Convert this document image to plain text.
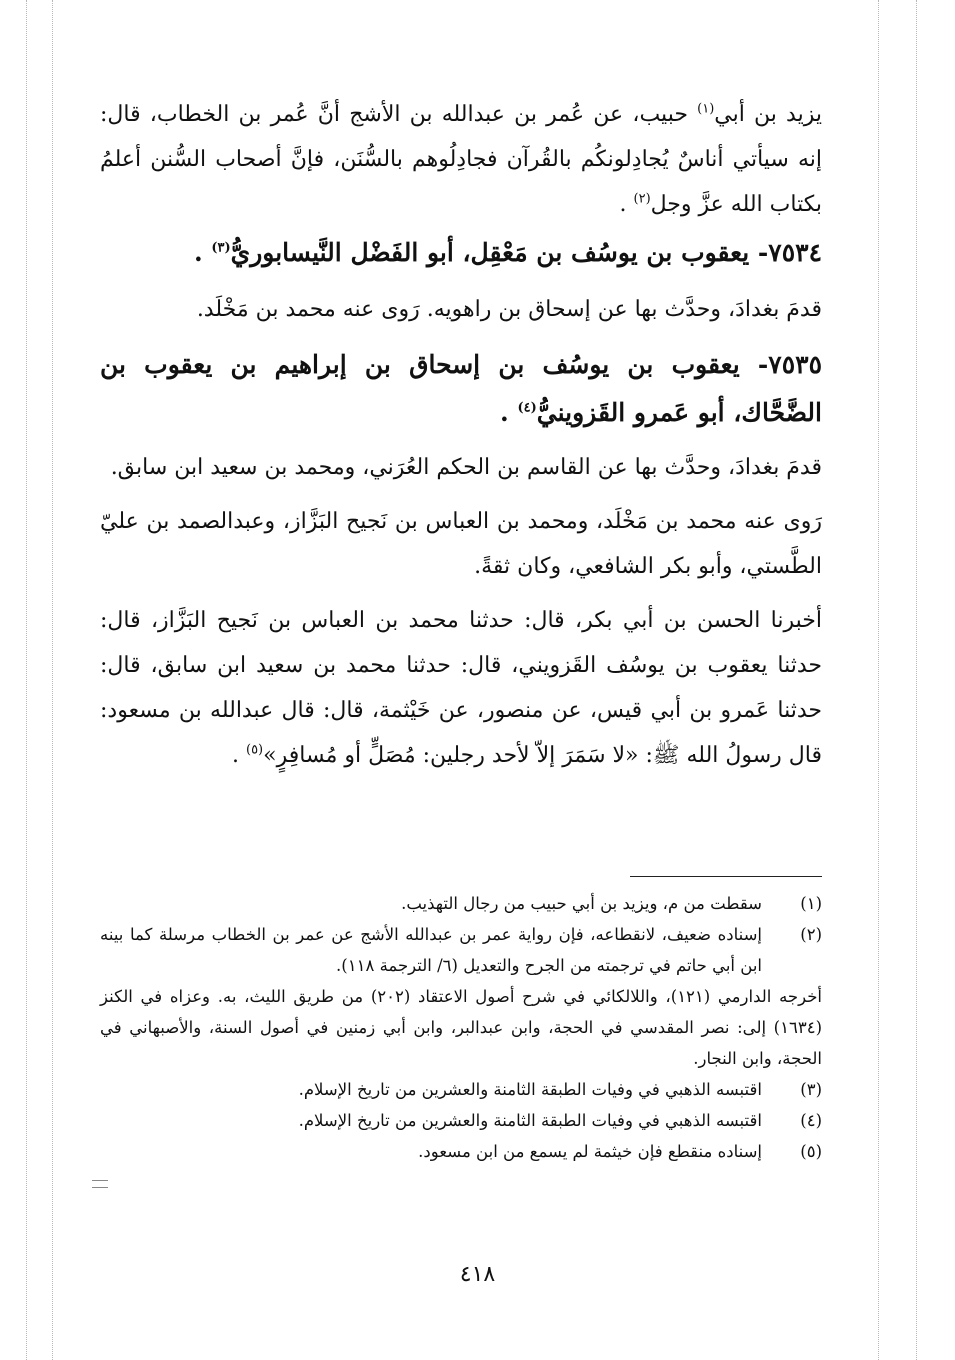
يزيد بن أبي$^{(١)}$ حبيب، عن عُمر بن عبدالله بن الأشج أنَّ عُمر بن الخطاب، قال: إنه سيأتي أناسٌ يُجادِلونكُم بالقُرآن فجادِلُوهم بالسُّنَن، فإنَّ أصحاب السُّنن أعلمُ بكتاب الله عزَّ وجل$^{(٢)}$ .

٧٥٣٤- يعقوب بن يوسُف بن مَعْقِل، أبو الفَضْل النَّيسابوريُّ$^{(٣)}$ .

قدمَ بغدادَ، وحدَّث بها عن إسحاق بن راهويه. رَوى عنه محمد بن مَخْلَد.

٧٥٣٥- يعقوب بن يوسُف بن إسحاق بن إبراهيم بن يعقوب بن الضَّحَّاك، أبو عَمرو القَزوينيُّ$^{(٤)}$ .

قدمَ بغدادَ، وحدَّث بها عن القاسم بن الحكم العُرَني، ومحمد بن سعيد ابن سابق.

رَوى عنه محمد بن مَخْلَد، ومحمد بن العباس بن نَجيح البَزَّاز، وعبدالصمد بن عليّ الطَّستي، وأبو بكر الشافعي، وكان ثقةً.

أخبرنا الحسن بن أبي بكر، قال: حدثنا محمد بن العباس بن نَجيح البَزَّاز، قال: حدثنا يعقوب بن يوسُف القَزويني، قال: حدثنا محمد بن سعيد ابن سابق، قال: حدثنا عَمرو بن أبي قيس، عن منصور، عن خَيْثمة، قال: قال عبدالله بن مسعود: قال رسولُ الله ﷺ: «لا سَمَرَ إلاّ لأحد رجلين: مُصَلٍّ أو مُسافِرٍ»$^{(٥)}$ .

(١)
سقطت من م، ويزيد بن أبي حبيب من رجال التهذيب.

(٢)
إسناده ضعيف، لانقطاعه، فإن رواية عمر بن عبدالله الأشج عن عمر بن الخطاب مرسلة كما بينه ابن أبي حاتم في ترجمته من الجرح والتعديل (٦/ الترجمة ١١٨).

أخرجه الدارمي (١٢١)، واللالكائي في شرح أصول الاعتقاد (٢٠٢) من طريق الليث، به. وعزاه في الكنز (١٦٣٤) إلى: نصر المقدسي في الحجة، وابن عبدالبر، وابن أبي زمنين في أصول السنة، والأصبهاني في الحجة، وابن النجار.

(٣)
اقتبسه الذهبي في وفيات الطبقة الثامنة والعشرين من تاريخ الإسلام.

(٤)
اقتبسه الذهبي في وفيات الطبقة الثامنة والعشرين من تاريخ الإسلام.

(٥)
إسناده منقطع فإن خيثمة لم يسمع من ابن مسعود.

٤١٨
